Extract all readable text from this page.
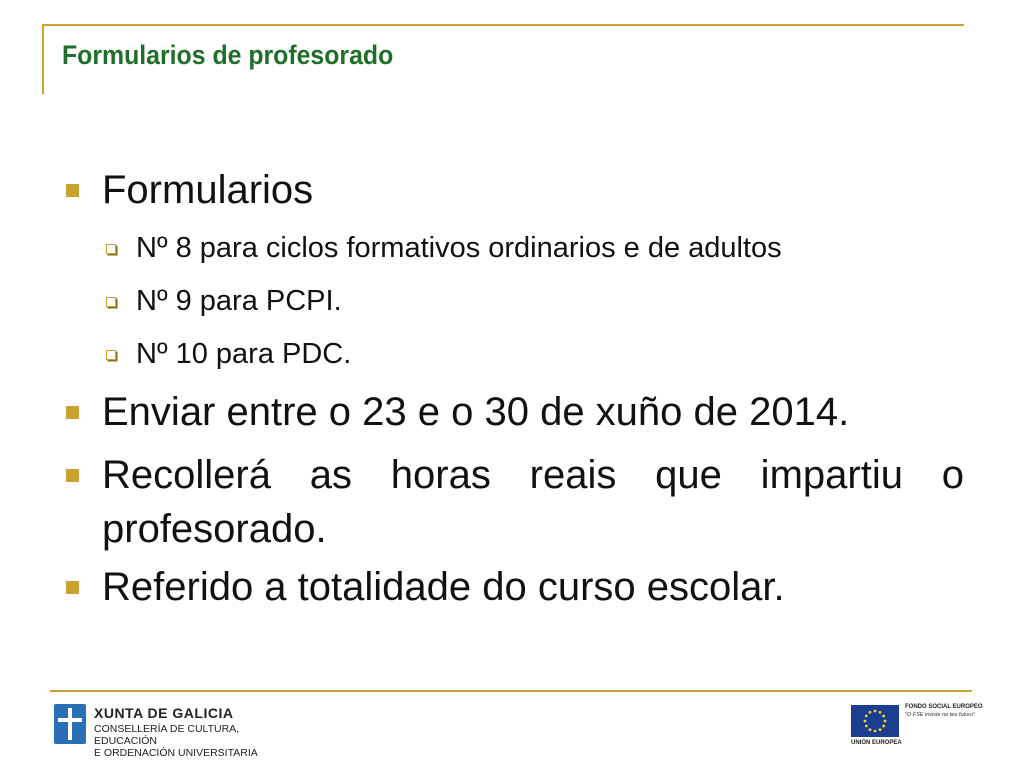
Formularios de profesorado
Formularios
Nº 8 para ciclos formativos ordinarios e de adultos
Nº 9 para PCPI.
Nº 10 para PDC.
Enviar entre o 23 e o 30 de xuño de 2014.
Recollerá as horas reais que impartiu o
profesorado.
Referido a totalidade do curso escolar.
XUNTA DE GALICIA
CONSELLERÍA DE CULTURA, EDUCACIÓN
E ORDENACIÓN UNIVERSITARIA
UNIÓN EUROPEA
FONDO SOCIAL EUROPEO
"O FSE inviste no teu futuro"
